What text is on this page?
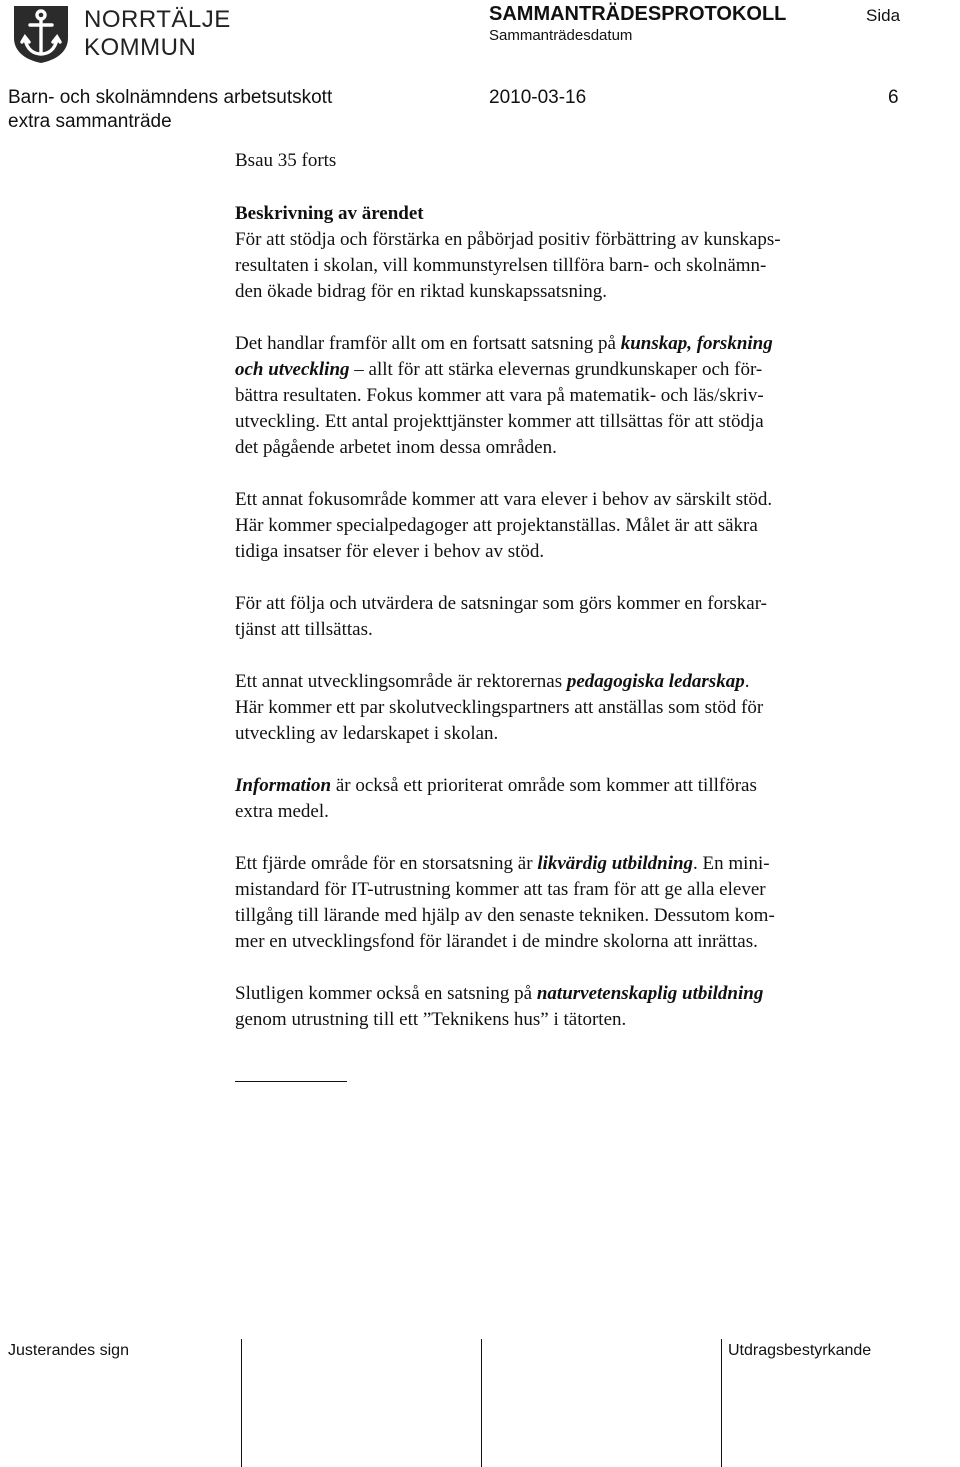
NORRTÄLJE
KOMMUN
SAMMANTRÄDESPROTOKOLL
Sammanträdesdatum
Sida
Barn- och skolnämndens arbetsutskott
extra sammanträde
2010-03-16	6
Bsau 35 forts
Beskrivning av ärendet
För att stödja och förstärka en påbörjad positiv förbättring av kunskaps-
resultaten i skolan, vill kommunstyrelsen tillföra barn- och skolnämn-
den ökade bidrag för en riktad kunskapssatsning.
Det handlar framför allt om en fortsatt satsning på kunskap, forskning
och utveckling – allt för att stärka elevernas grundkunskaper och för-
bättra resultaten. Fokus kommer att vara på matematik- och läs/skriv-
utveckling. Ett antal projekttjänster kommer att tillsättas för att stödja
det pågående arbetet inom dessa områden.
Ett annat fokusområde kommer att vara elever i behov av särskilt stöd.
Här kommer specialpedagoger att projektanställas. Målet är att säkra
tidiga insatser för elever i behov av stöd.
För att följa och utvärdera de satsningar som görs kommer en forskar-
tjänst att tillsättas.
Ett annat utvecklingsområde är rektorernas pedagogiska ledarskap.
Här kommer ett par skolutvecklingspartners att anställas som stöd för
utveckling av ledarskapet i skolan.
Information är också ett prioriterat område som kommer att tillföras
extra medel.
Ett fjärde område för en storsatsning är likvärdig utbildning. En mini-
mistandard för IT-utrustning kommer att tas fram för att ge alla elever
tillgång till lärande med hjälp av den senaste tekniken. Dessutom kom-
mer en utvecklingsfond för lärandet i de mindre skolorna att inrättas.
Slutligen kommer också en satsning på naturvetenskaplig utbildning
genom utrustning till ett ”Teknikens hus” i tätorten.
Justerandes sign	Utdragsbestyrkande
